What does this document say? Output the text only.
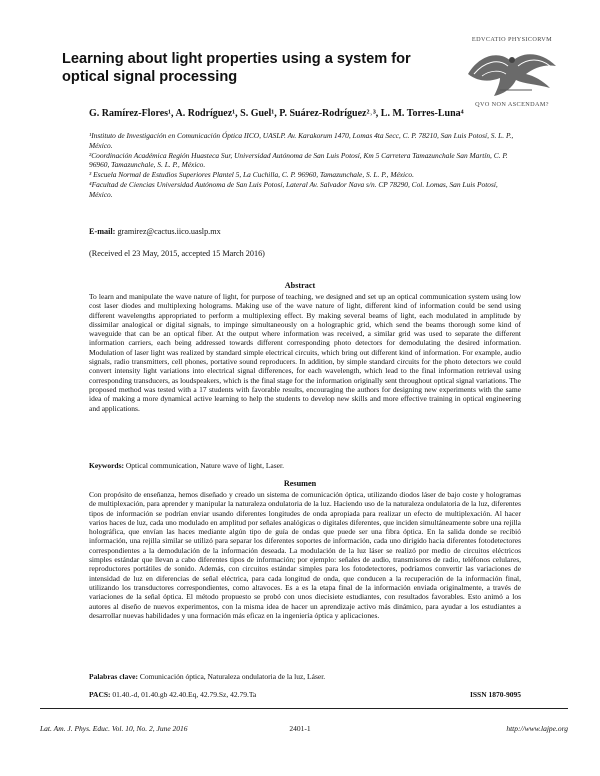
Learning about light properties using a system for optical signal processing
EDVCATIO PHYSICORVM
QVO NON ASCENDAM?
G. Ramírez-Flores¹, A. Rodríguez¹, S. Guel¹, P. Suárez-Rodríguez²˒³, L. M. Torres-Luna⁴

¹Instituto de Investigación en Comunicación Óptica IICO, UASLP. Av. Karakorum 1470, Lomas 4ta Secc, C. P. 78210, San Luis Potosí, S. L. P., México.

²Coordinación Académica Región Huasteca Sur, Universidad Autónoma de San Luis Potosí, Km 5 Carretera Tamazunchale San Martín, C. P. 96960, Tamazunchale, S. L. P., México.

³ Escuela Normal de Estudios Superiores Plantel 5, La Cuchilla, C. P. 96960, Tamazunchale, S. L. P., México.

⁴Facultad de Ciencias Universidad Autónoma de San Luis Potosí, Lateral Av. Salvador Nava s/n. CP 78290, Col. Lomas, San Luis Potosí, México.

E-mail: gramirez@cactus.iico.uaslp.mx
(Received el 23 May, 2015, accepted 15 March 2016)
Abstract

To learn and manipulate the wave nature of light, for purpose of teaching, we designed and set up an optical communication system using low cost laser diodes and multiplexing holograms. Making use of the wave nature of light, different kind of information could be send using different wavelengths appropriated to perform a multiplexing effect. By making several beams of light, each modulated in amplitude by dissimilar analogical or digital signals, to impinge simultaneously on a holographic grid, which send the beams thorough some kind of waveguide that can be an optical fiber. At the output where information was received, a similar grid was used to separate the different information carriers, each being addressed towards different corresponding photo detectors for demodulating the desired information. Modulation of laser light was realized by standard simple electrical circuits, which bring out different kind of information. For example, audio signals, radio transmitters, cell phones, portative sound reproducers. In addition, by simple standard circuits for the photo detectors we could convert intensity light variations into electrical signal differences, for each wavelength, which lead to the final information retrieval using corresponding transducers, as loudspeakers, which is the final stage for the information originally sent throughout optical signal variations. The proposed method was tested with a 17 students with favorable results, encouraging the authors for designing new experiments with the same idea of making a more dynamical active learning to help the students to develop new skills and more effective training in optical engineering and applications.

Keywords: Optical communication, Nature wave of light, Laser.
Resumen

Con propósito de enseñanza, hemos diseñado y creado un sistema de comunicación óptica, utilizando diodos láser de bajo coste y hologramas de multiplexación, para aprender y manipular la naturaleza ondulatoria de la luz. Haciendo uso de la naturaleza ondulatoria de la luz, diferentes tipos de información se podrían enviar usando diferentes longitudes de onda apropiada para realizar un efecto de multiplexación. Al hacer varios haces de luz, cada uno modulado en amplitud por señales analógicas o digitales diferentes, que inciden simultáneamente sobre una rejilla holográfica, que envían las haces mediante algún tipo de guía de ondas que puede ser una fibra óptica. En la salida donde se recibió información, una rejilla similar se utilizó para separar los diferentes soportes de información, cada uno dirigido hacia diferentes fotodetectores correspondientes a la demodulación de la información deseada. La modulación de la luz láser se realizó por medio de circuitos eléctricos simples estándar que llevan a cabo diferentes tipos de información; por ejemplo: señales de audio, transmisores de radio, teléfonos celulares, reproductores portátiles de sonido. Además, con circuitos estándar simples para los fotodetectores, podríamos convertir las variaciones de intensidad de luz en diferencias de señal eléctrica, para cada longitud de onda, que conducen a la recuperación de la información final, utilizando los transductores correspondientes, como altavoces. Es a es la etapa final de la información enviada originalmente, a través de variaciones de la señal óptica. El método propuesto se probó con unos diecisiete estudiantes, con resultados favorables. Esto animó a los autores al diseño de nuevos experimentos, con la misma idea de hacer un aprendizaje activo más dinámico, para ayudar a los estudiantes a desarrollar nuevas habilidades y una formación más eficaz en la ingeniería óptica y aplicaciones.

Palabras clave: Comunicación óptica, Naturaleza ondulatoria de la luz, Láser.
PACS: 01.40.-d, 01.40.gb 42.40.Eq, 42.79.Sz, 42.79.Ta	ISSN 1870-9095
Lat. Am. J. Phys. Educ. Vol. 10, No. 2, June 2016	2401-1	http://www.lajpe.org
